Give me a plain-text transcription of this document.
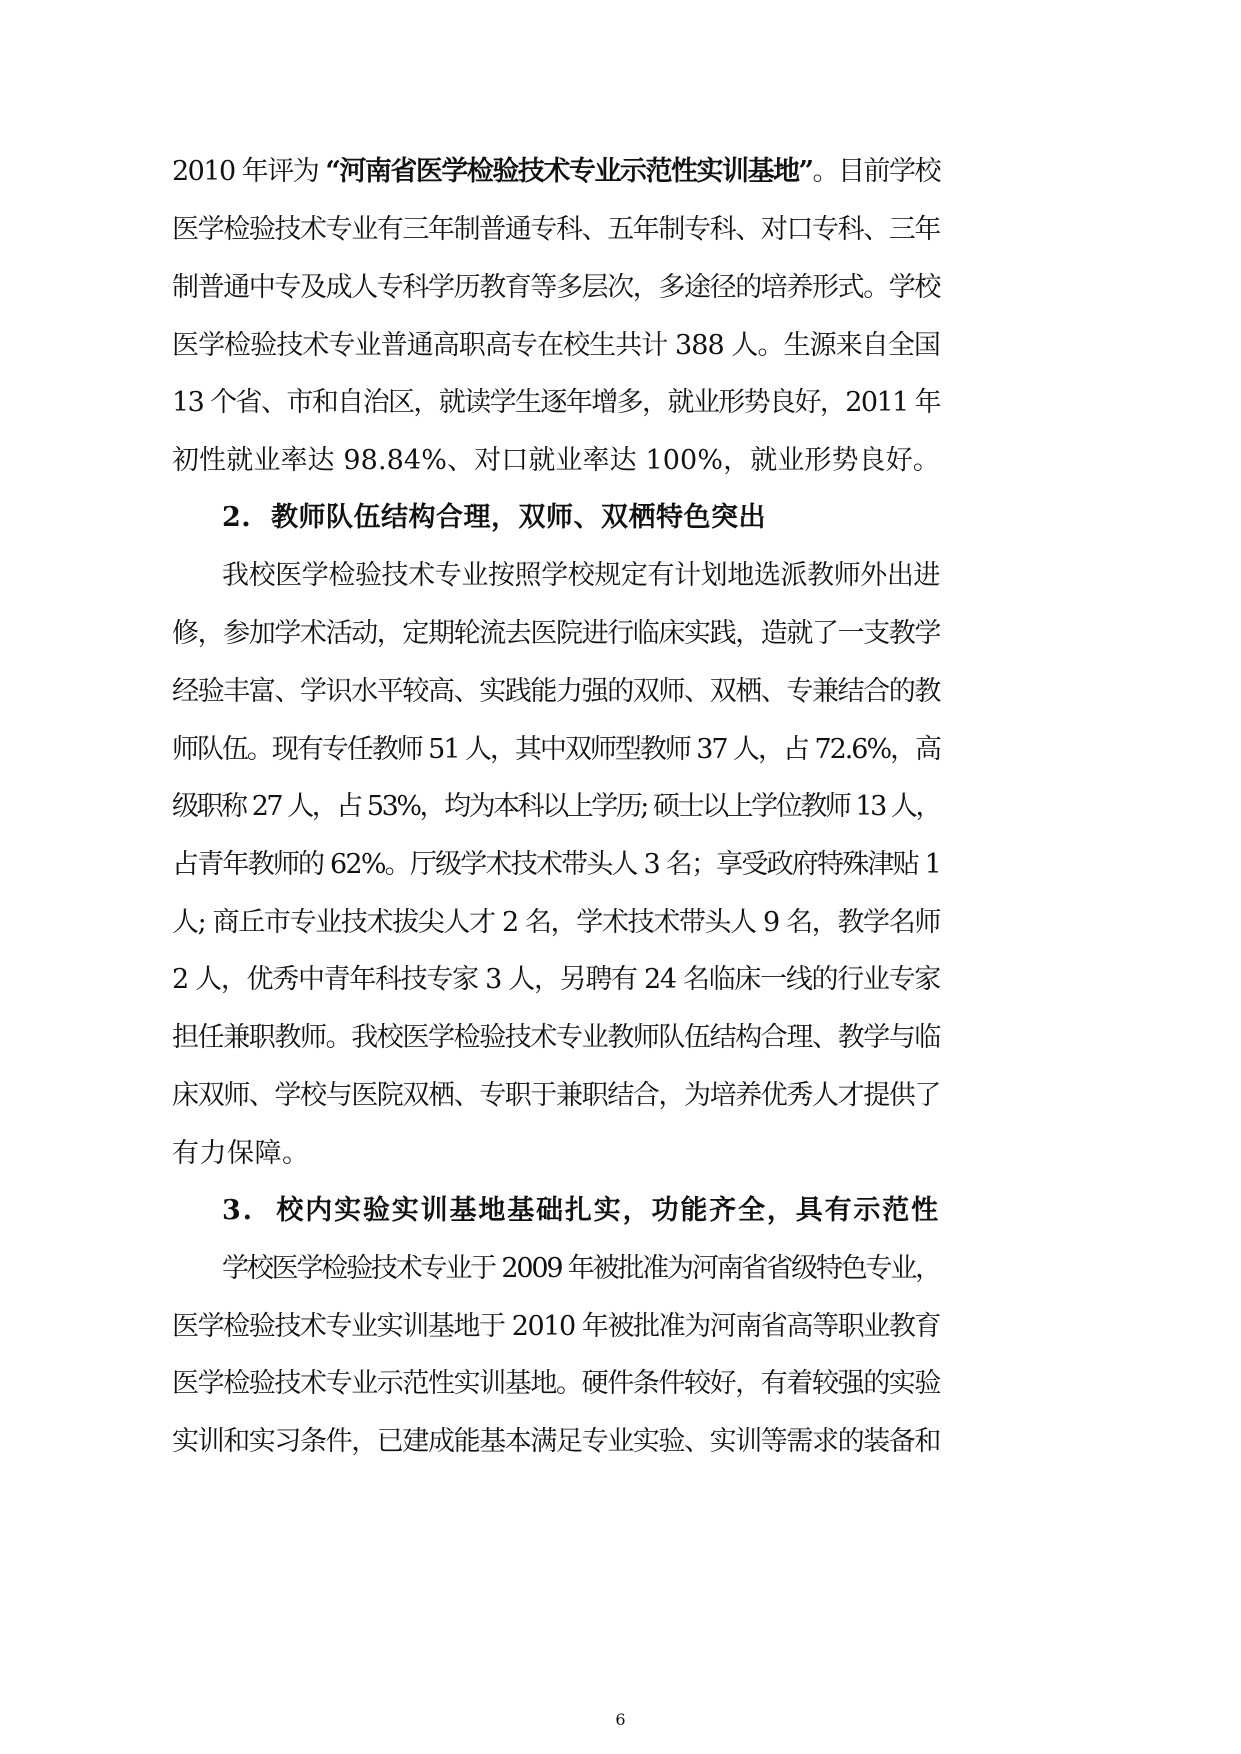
2010 年评为 “河南省医学检验技术专业示范性实训基地”。目前学校
医学检验技术专业有三年制普通专科、五年制专科、对口专科、三年
制普通中专及成人专科学历教育等多层次，多途径的培养形式。学校
医学检验技术专业普通高职高专在校生共计 388 人。生源来自全国
13 个省、市和自治区，就读学生逐年增多，就业形势良好，2011 年
初性就业率达 98.84%、对口就业率达 100%，就业形势良好。
2.  教师队伍结构合理，双师、双栖特色突出
我校医学检验技术专业按照学校规定有计划地选派教师外出进
修，参加学术活动，定期轮流去医院进行临床实践，造就了一支教学
经验丰富、学识水平较高、实践能力强的双师、双栖、专兼结合的教
师队伍。现有专任教师 51 人，其中双师型教师 37 人，占 72.6%，高
级职称 27 人，占 53%，均为本科以上学历; 硕士以上学位教师 13 人，
占青年教师的 62%。厅级学术技术带头人 3 名；享受政府特殊津贴 1
人; 商丘市专业技术拔尖人才 2 名，学术技术带头人 9 名，教学名师
2 人，优秀中青年科技专家 3 人，另聘有 24 名临床一线的行业专家
担任兼职教师。我校医学检验技术专业教师队伍结构合理、教学与临
床双师、学校与医院双栖、专职于兼职结合，为培养优秀人才提供了
有力保障。
3.  校内实验实训基地基础扎实，功能齐全，具有示范性
学校医学检验技术专业于 2009 年被批准为河南省省级特色专业，
医学检验技术专业实训基地于 2010 年被批准为河南省高等职业教育
医学检验技术专业示范性实训基地。硬件条件较好，有着较强的实验
实训和实习条件，已建成能基本满足专业实验、实训等需求的装备和
6
